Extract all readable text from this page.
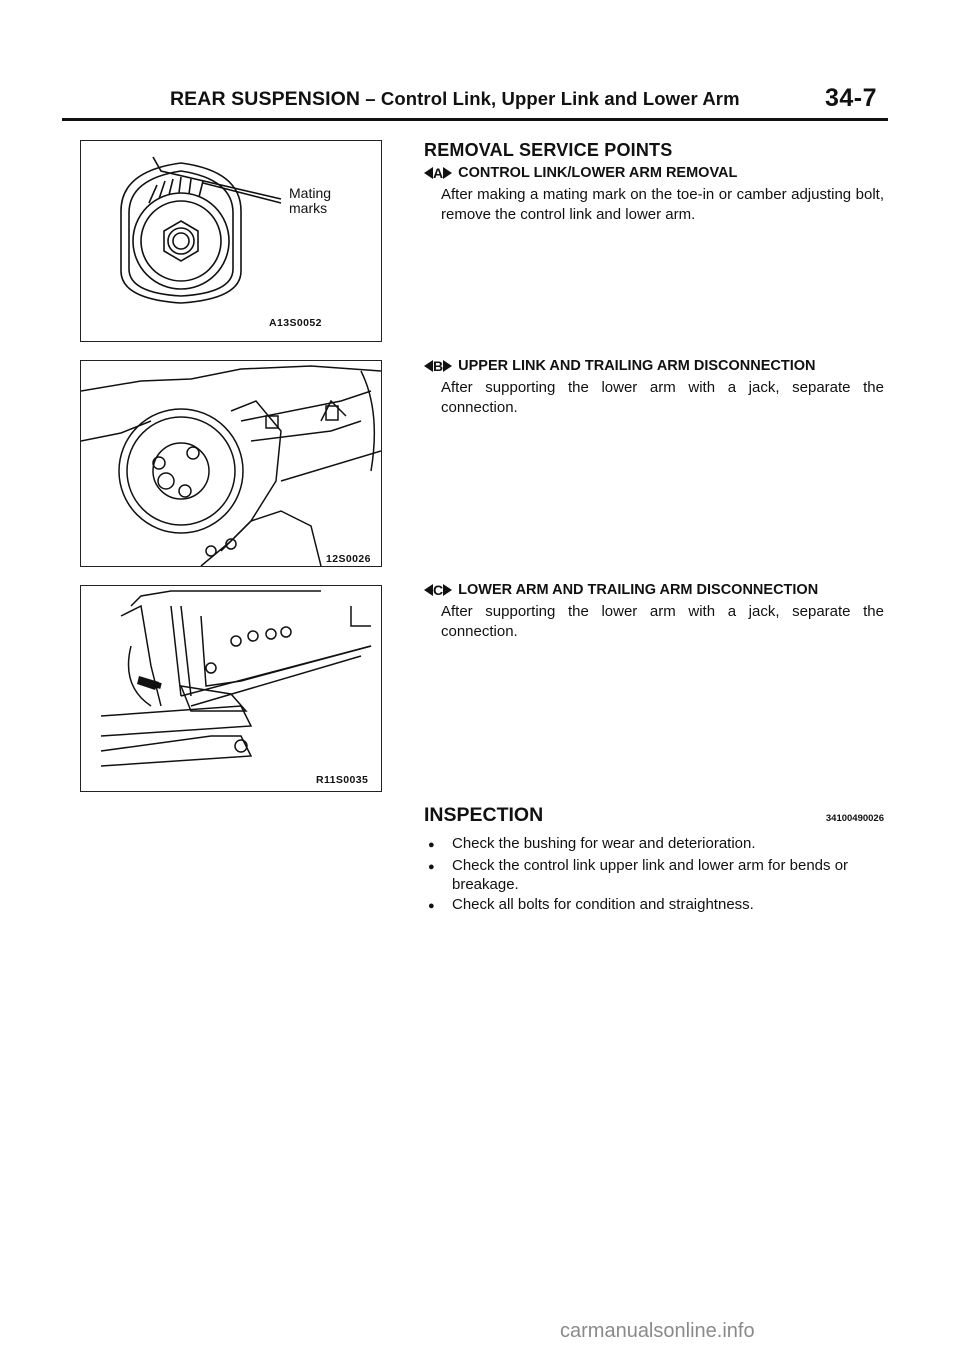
REAR SUSPENSION – Control Link, Upper Link and Lower Arm	34-7
Mating
marks
A13S0052
12S0026
R11S0035
REMOVAL SERVICE POINTS
A CONTROL LINK/LOWER ARM REMOVAL
After making a mating mark on the toe-in or camber adjusting bolt, remove the control link and lower arm.
B UPPER LINK AND TRAILING ARM DISCONNECTION
After supporting the lower arm with a jack, separate the connection.
C LOWER ARM AND TRAILING ARM DISCONNECTION
After supporting the lower arm with a jack, separate the connection.
INSPECTION	34100490026
●	Check the bushing for wear and deterioration.
●	Check the control link upper link and lower arm for bends or breakage.
●	Check all bolts for condition and straightness.
carmanualsonline.info
